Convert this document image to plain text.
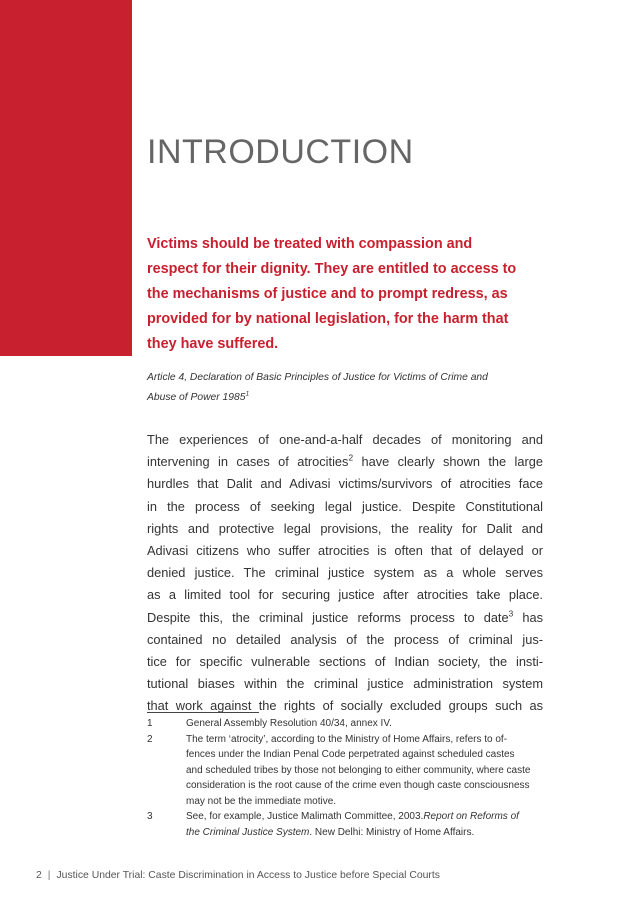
INTRODUCTION
Victims should be treated with compassion and
respect for their dignity. They are entitled to access to
the mechanisms of justice and to prompt redress, as
provided for by national legislation, for the harm that
they have suffered.
Article 4, Declaration of Basic Principles of Justice for Victims of Crime and
Abuse of Power 1985$^1$
The experiences of one-and-a-half decades of monitoring and
intervening in cases of atrocities$^2$ have clearly shown the large
hurdles that Dalit and Adivasi victims/survivors of atrocities face
in the process of seeking legal justice. Despite Constitutional
rights and protective legal provisions, the reality for Dalit and
Adivasi citizens who suffer atrocities is often that of delayed or
denied justice. The criminal justice system as a whole serves
as a limited tool for securing justice after atrocities take place.
Despite this, the criminal justice reforms process to date$^3$ has
contained no detailed analysis of the process of criminal jus-
tice for specific vulnerable sections of Indian society, the insti-
tutional biases within the criminal justice administration system
that work against the rights of socially excluded groups such as
1	General Assembly Resolution 40/34, annex IV.
2	The term ‘atrocity’, according to the Ministry of Home Affairs, refers to of-
fences under the Indian Penal Code perpetrated against scheduled castes
and scheduled tribes by those not belonging to either community, where caste
consideration is the root cause of the crime even though caste consciousness
may not be the immediate motive.
3	See, for example, Justice Malimath Committee, 2003.Report on Reforms of
the Criminal Justice System. New Delhi: Ministry of Home Affairs.
2 | Justice Under Trial: Caste Discrimination in Access to Justice before Special Courts
